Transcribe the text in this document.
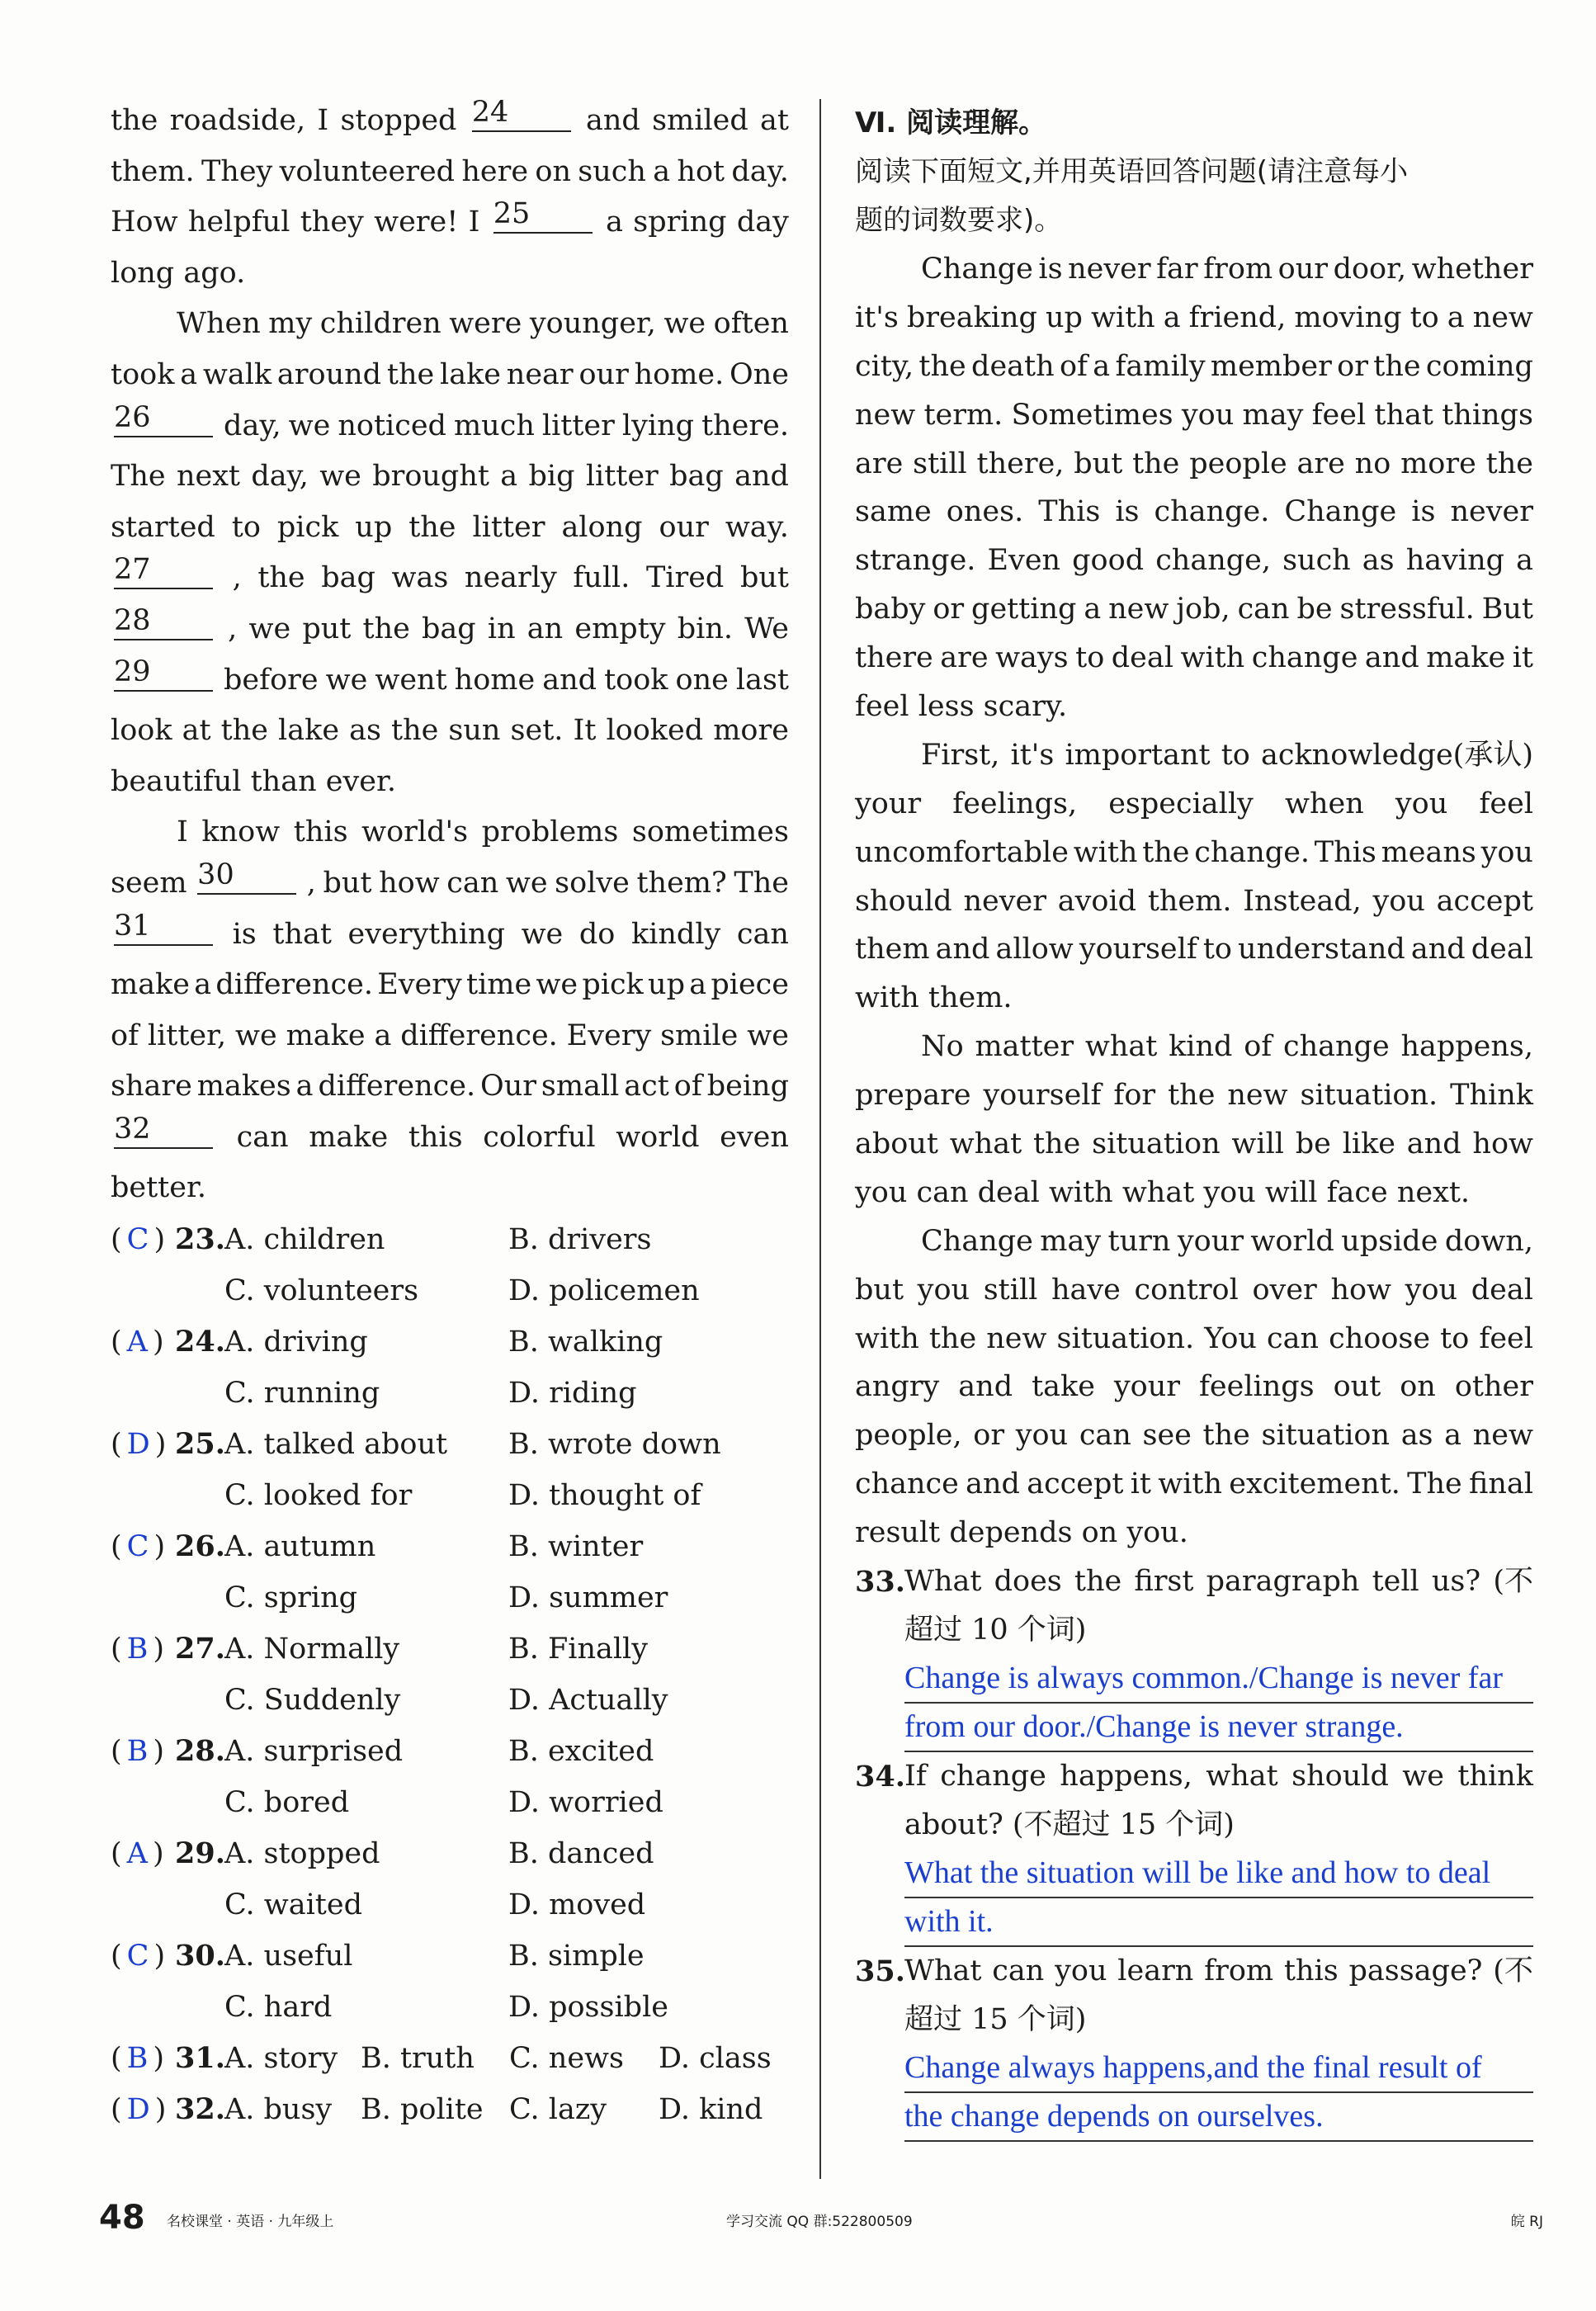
the roadside, I stopped 24	and smiled at
them. They volunteered here on such a hot day.
How helpful they were! I 25	a spring day
long ago.
When my children were younger, we often
took a walk around the lake near our home. One
26	day, we noticed much litter lying there.
The next day, we brought a big litter bag and
started to pick up the litter along our way.
27	, the bag was nearly full. Tired but
28	, we put the bag in an empty bin. We
29	before we went home and took one last
look at the lake as the sun set. It looked more
beautiful than ever.
I know this world's problems sometimes
seem 30	, but how can we solve them? The
31	is that everything we do kindly can
make a difference. Every time we pick up a piece
of litter, we make a difference. Every smile we
share makes a difference. Our small act of being
32	can make this colorful world even
better.
( C ) 23. A. children	B. drivers
C. volunteers	D. policemen
( A ) 24. A. driving	B. walking
C. running	D. riding
( D ) 25. A. talked about B. wrote down
C. looked for	D. thought of
( C ) 26. A. autumn	B. winter
C. spring	D. summer
( B ) 27. A. Normally	B. Finally
C. Suddenly	D. Actually
( B ) 28. A. surprised	B. excited
C. bored	D. worried
( A ) 29. A. stopped	B. danced
C. waited	D. moved
( C ) 30. A. useful	B. simple
C. hard	D. possible
( B ) 31. A. story B. truth C. news D. class
( D ) 32. A. busy B. polite C. lazy D. kind
Ⅵ. 阅读理解。
阅读下面短文,并用英语回答问题(请注意每小
题的词数要求)。
Change is never far from our door, whether
it's breaking up with a friend, moving to a new
city, the death of a family member or the coming
new term. Sometimes you may feel that things
are still there, but the people are no more the
same ones. This is change. Change is never
strange. Even good change, such as having a
baby or getting a new job, can be stressful. But
there are ways to deal with change and make it
feel less scary.
First, it's important to acknowledge(承认)
your feelings, especially when you feel
uncomfortable with the change. This means you
should never avoid them. Instead, you accept
them and allow yourself to understand and deal
with them.
No matter what kind of change happens,
prepare yourself for the new situation. Think
about what the situation will be like and how
you can deal with what you will face next.
Change may turn your world upside down,
but you still have control over how you deal
with the new situation. You can choose to feel
angry and take your feelings out on other
people, or you can see the situation as a new
chance and accept it with excitement. The final
result depends on you.
33. What does the first paragraph tell us? (不
超过 10 个词)
Change is always common./Change is never far
from our door./Change is never strange.
34. If change happens, what should we think
about? (不超过 15 个词)
What the situation will be like and how to deal
with it.
35. What can you learn from this passage? (不
超过 15 个词)
Change always happens,and the final result of
the change depends on ourselves.
48 名校课堂 · 英语 · 九年级上	学习交流 QQ 群:522800509	皖 RJ
